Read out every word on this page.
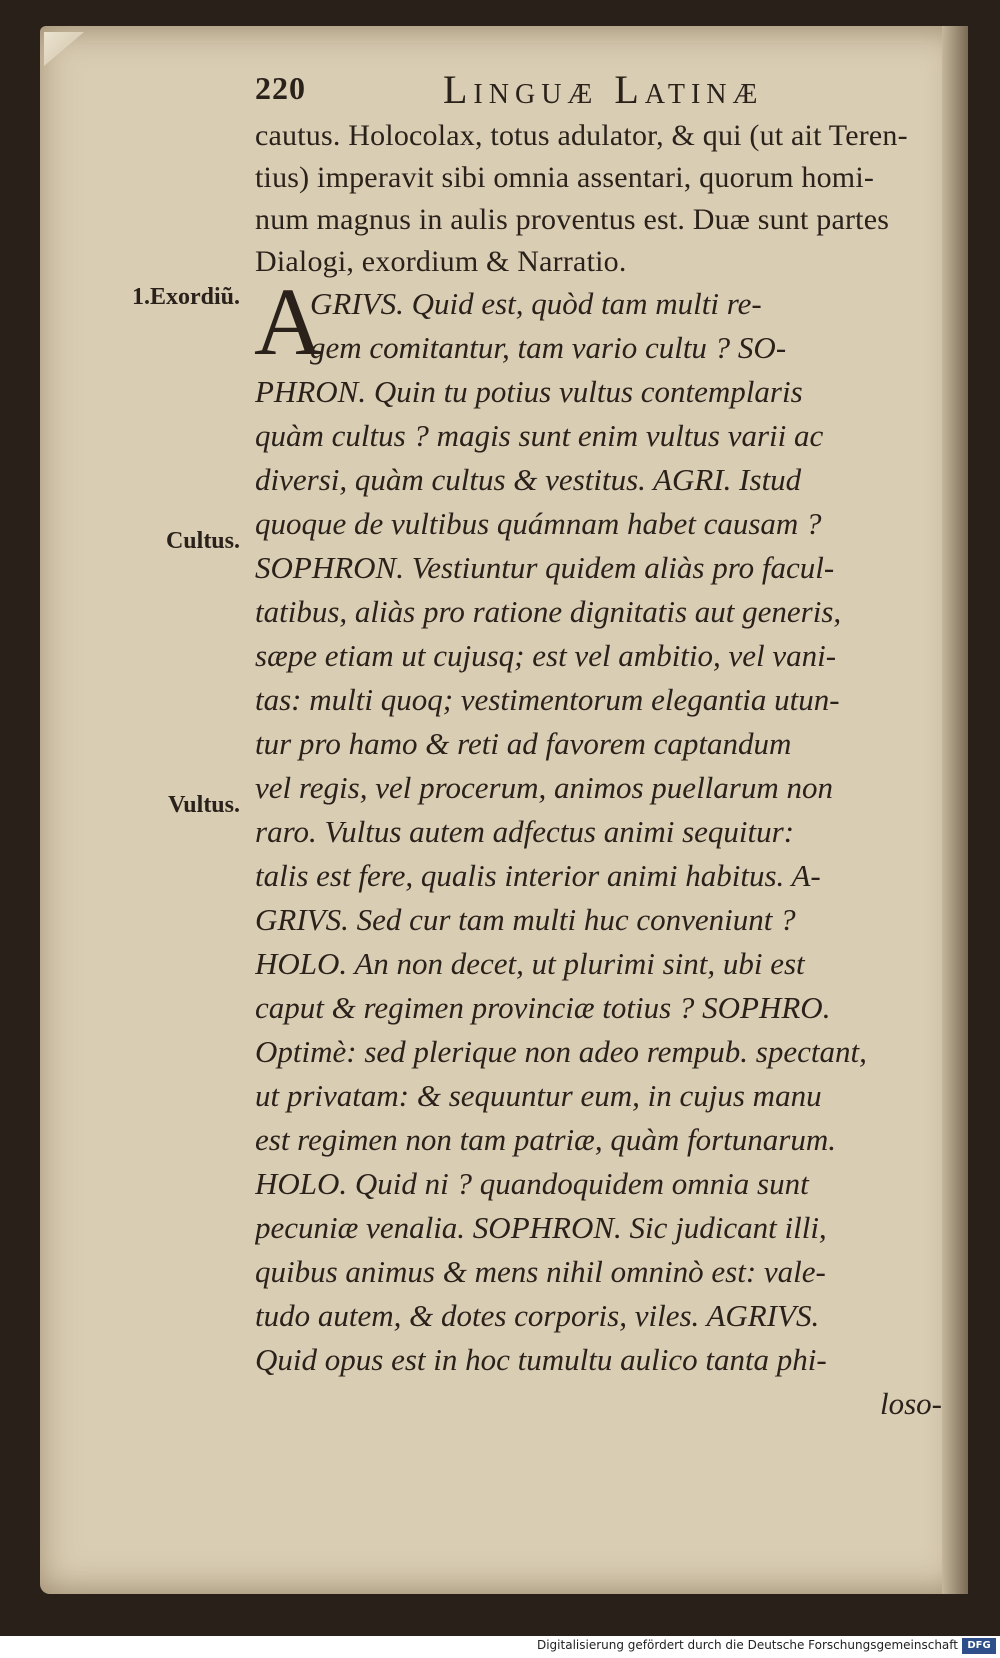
220	Linguæ Latinæ
cautus. Holocolax, totus adulator, & qui (ut ait Teren-
tius) imperavit sibi omnia assentari, quorum homi-
num magnus in aulis proventus est. Duæ sunt partes
Dialogi, exordium & Narratio.
1.Exordiũ.
Cultus.
Vultus.
A
GRIVS. Quid est, quòd tam multi re-
gem comitantur, tam vario cultu ? SO-
PHRON. Quin tu potius vultus contemplaris
quàm cultus ? magis sunt enim vultus varii ac
diversi, quàm cultus & vestitus. AGRI. Istud
quoque de vultibus quámnam habet causam ?
SOPHRON. Vestiuntur quidem aliàs pro facul-
tatibus, aliàs pro ratione dignitatis aut generis,
sæpe etiam ut cujusq; est vel ambitio, vel vani-
tas: multi quoq; vestimentorum elegantia utun-
tur pro hamo & reti ad favorem captandum
vel regis, vel procerum, animos puellarum non
raro. Vultus autem adfectus animi sequitur:
talis est fere, qualis interior animi habitus. A-
GRIVS. Sed cur tam multi huc conveniunt ?
HOLO. An non decet, ut plurimi sint, ubi est
caput & regimen provinciæ totius ? SOPHRO.
Optimè: sed plerique non adeo rempub. spectant,
ut privatam: & sequuntur eum, in cujus manu
est regimen non tam patriæ, quàm fortunarum.
HOLO. Quid ni ? quandoquidem omnia sunt
pecuniæ venalia. SOPHRON. Sic judicant illi,
quibus animus & mens nihil omninò est: vale-
tudo autem, & dotes corporis, viles. AGRIVS.
Quid opus est in hoc tumultu aulico tanta phi-
loso-
Digitalisierung gefördert durch die Deutsche Forschungsgemeinschaft DFG
